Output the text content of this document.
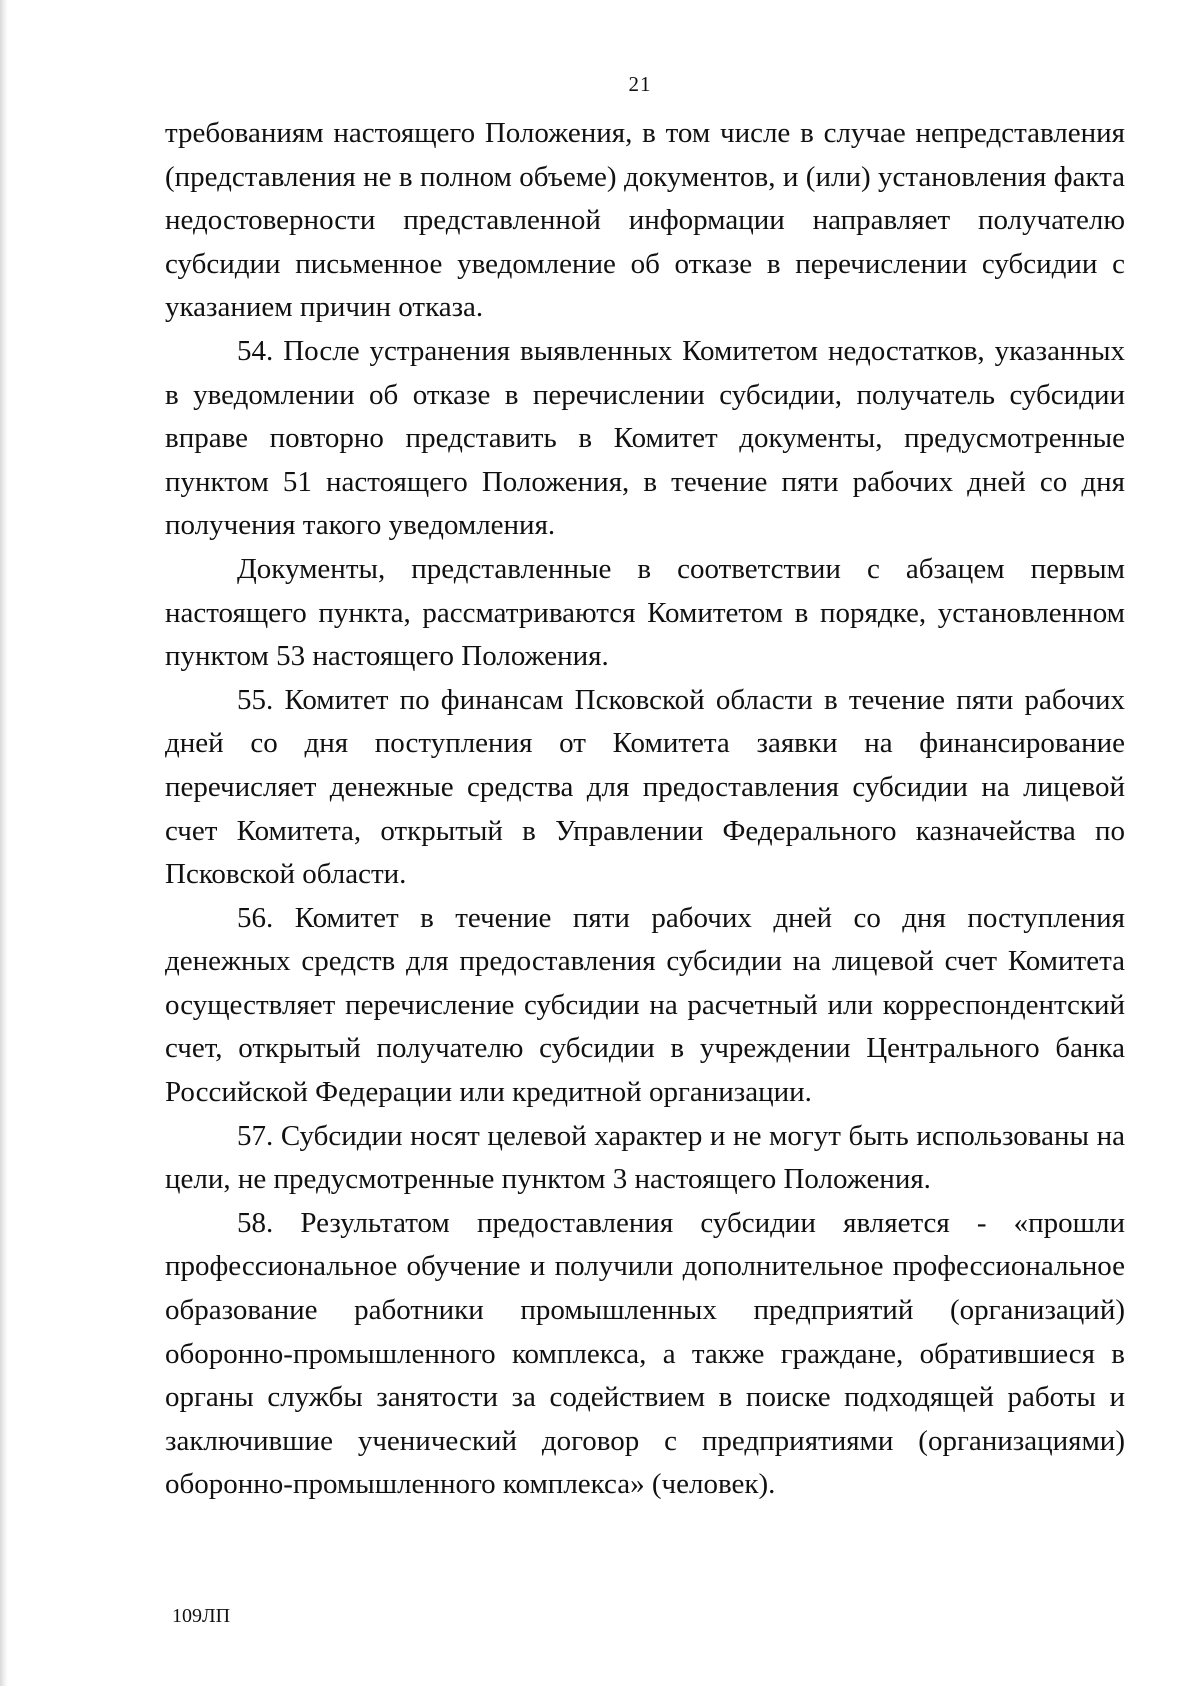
21

требованиям настоящего Положения, в том числе в случае непредставления (представления не в полном объеме) документов, и (или) установления факта недостоверности представленной информации направляет получателю субсидии письменное уведомление об отказе в перечислении субсидии с указанием причин отказа.

54. После устранения выявленных Комитетом недостатков, указанных в уведомлении об отказе в перечислении субсидии, получатель субсидии вправе повторно представить в Комитет документы, предусмотренные пунктом 51 настоящего Положения, в течение пяти рабочих дней со дня получения такого уведомления.

Документы, представленные в соответствии с абзацем первым настоящего пункта, рассматриваются Комитетом в порядке, установленном пунктом 53 настоящего Положения.

55. Комитет по финансам Псковской области в течение пяти рабочих дней со дня поступления от Комитета заявки на финансирование перечисляет денежные средства для предоставления субсидии на лицевой счет Комитета, открытый в Управлении Федерального казначейства по Псковской области.

56. Комитет в течение пяти рабочих дней со дня поступления денежных средств для предоставления субсидии на лицевой счет Комитета осуществляет перечисление субсидии на расчетный или корреспондентский счет, открытый получателю субсидии в учреждении Центрального банка Российской Федерации или кредитной организации.

57. Субсидии носят целевой характер и не могут быть использованы на цели, не предусмотренные пунктом 3 настоящего Положения.

58. Результатом предоставления субсидии является - «прошли профессиональное обучение и получили дополнительное профессиональное образование работники промышленных предприятий (организаций) оборонно-промышленного комплекса, а также граждане, обратившиеся в органы службы занятости за содействием в поиске подходящей работы и заключившие ученический договор с предприятиями (организациями) оборонно-промышленного комплекса» (человек).

109ЛП
